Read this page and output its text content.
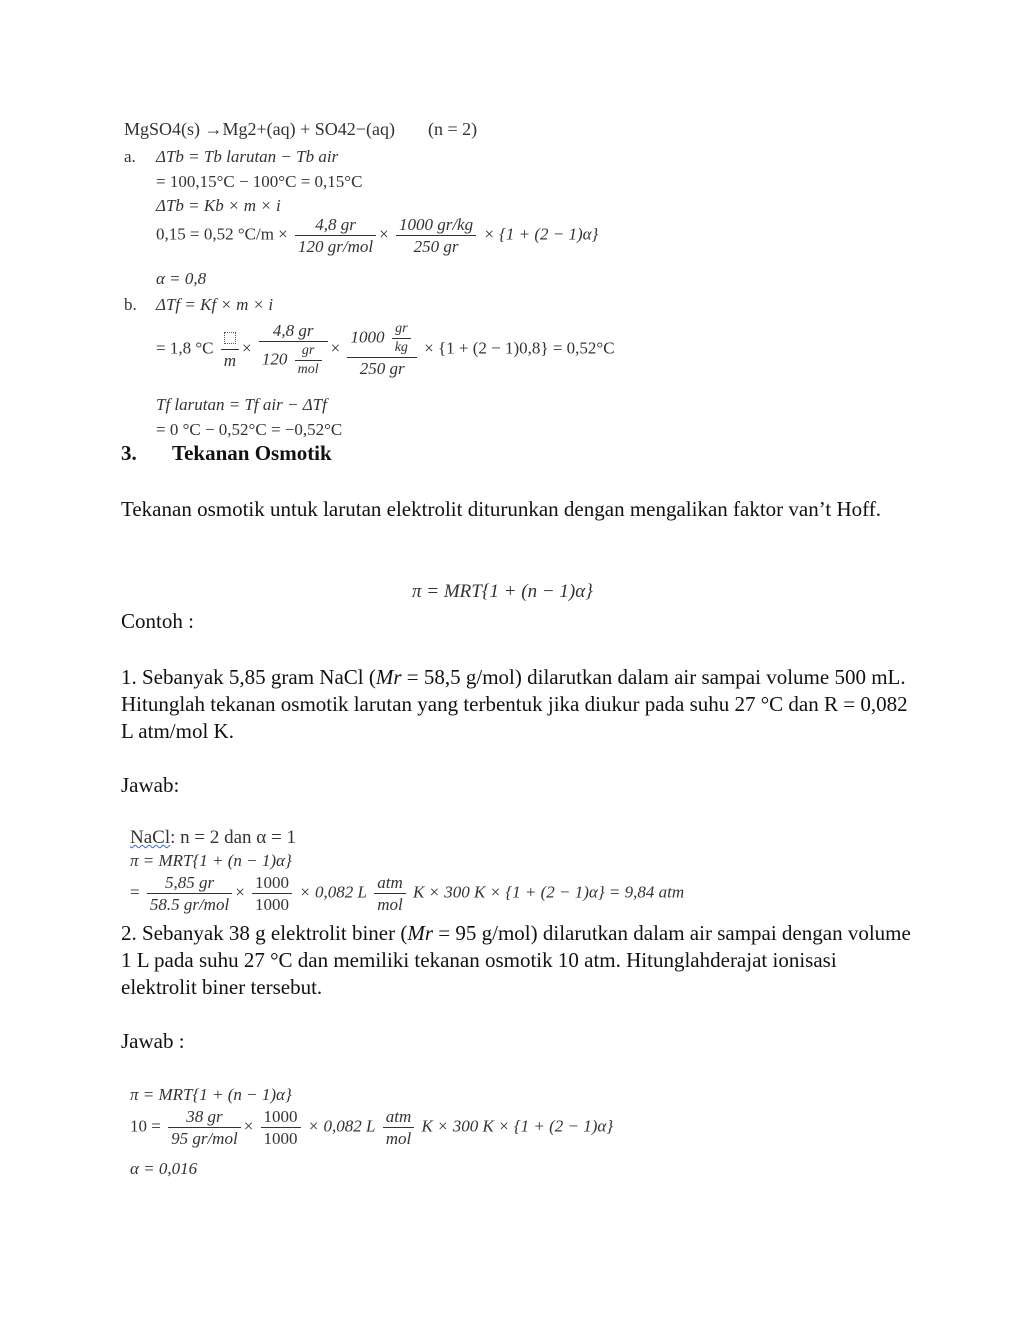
MgSO4(s) →Mg2+(aq) + SO42−(aq) (n = 2)
a. ΔTb = Tb larutan − Tb air
= 100,15°C − 100°C = 0,15°C
ΔTb = Kb × m × i
0,15 = 0,52 $^\circ C/m \times \frac{4,8 gr}{\text{120 gr/mol}} \times \frac{1000 gr/kg}{250 gr} \times \{1 + (2 - 1)\alpha\}$
α = 0,8
b. ΔTf = Kf × m × i
= 1,8 °C
m
× $\frac{4,8 gr}{120 \frac{gr}{\text{mol}}} \times \frac{1000 \frac{gr}{kg}}{250 gr} \times \{1 + (2 - 1)0,8\} = 0,52^\circ C$
Tf larutan = Tf air − ΔTf
= 0 °C − 0,52°C = −0,52°C
3. Tekanan Osmotik
Tekanan osmotik untuk larutan elektrolit diturunkan dengan mengalikan faktor van’t Hoff.
π = MRT{1 + (n − 1)α}
Contoh :
1. Sebanyak 5,85 gram NaCl (Mr = 58,5 g/mol) dilarutkan dalam air sampai volume 500 mL. Hitunglah tekanan osmotik larutan yang terbentuk jika diukur pada suhu 27 °C dan R = 0,082 L atm/mol K.
Jawab:
NaCl: n = 2 dan α = 1
π = MRT{1 + (n − 1)α}
= $\frac{5,85 gr}{\text{58.5 gr/mol}} \times \frac{1000}{1000} \times 0,082$ L $\frac{\text{atm}}{\text{mol}}$ K × 300 K × {1 + (2 − 1)α} = 9,84 atm
2. Sebanyak 38 g elektrolit biner (Mr = 95 g/mol) dilarutkan dalam air sampai dengan volume 1 L pada suhu 27 °C dan memiliki tekanan osmotik 10 atm. Hitunglahderajat ionisasi elektrolit biner tersebut.
Jawab :
π = MRT{1 + (n − 1)α}
$10 = \frac{38 gr}{\text{95 gr/mol}} \times \frac{1000}{1000} \times 0,082$ L $\frac{\text{atm}}{\text{mol}}$ K × 300 K × {1 + (2 − 1)α}
α = 0,016
